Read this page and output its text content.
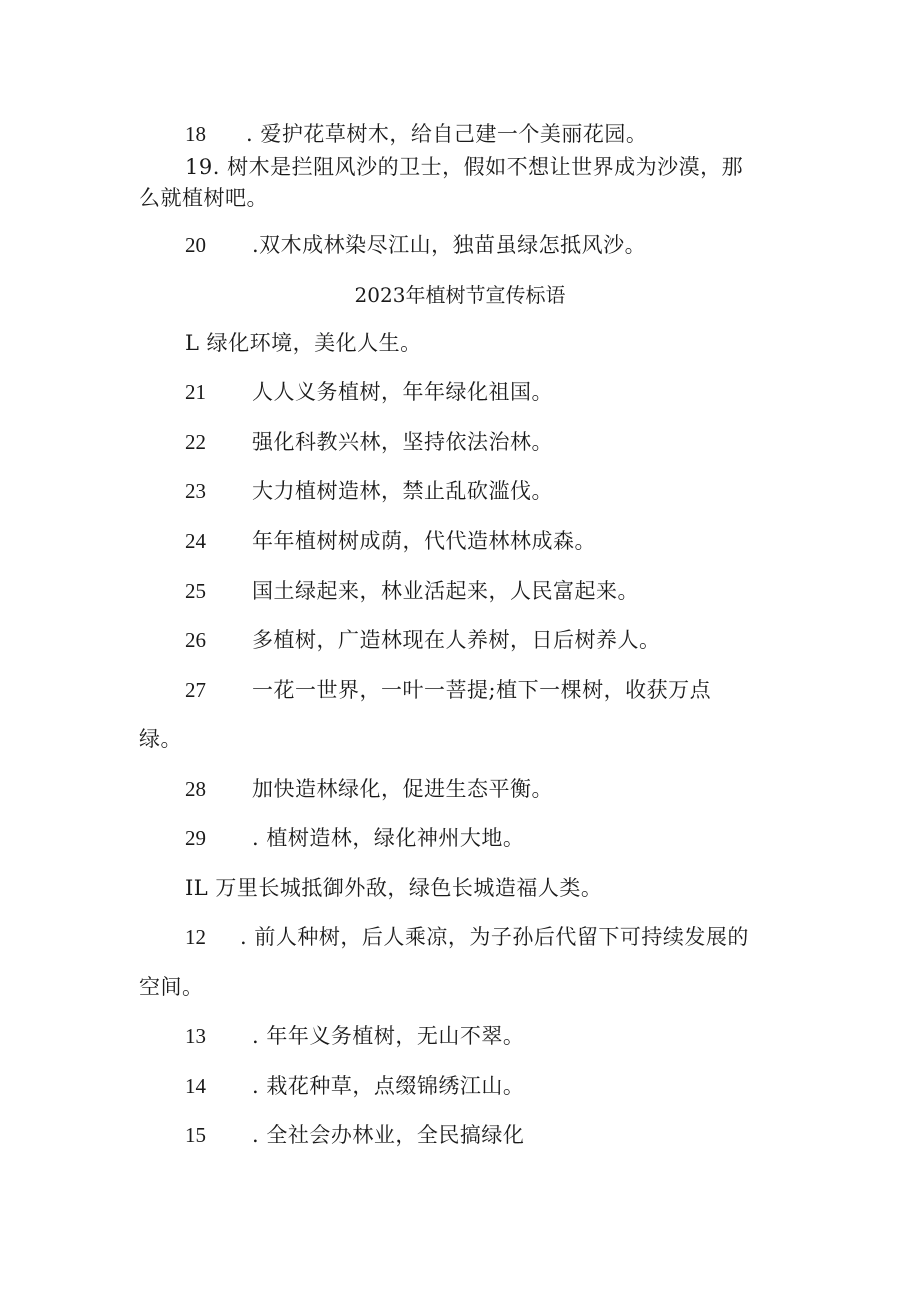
18 . 爱护花草树木，给自己建一个美丽花园。
19. 树木是拦阻风沙的卫士，假如不想让世界成为沙漠，那
么就植树吧。
20 .双木成林染尽江山，独苗虽绿怎抵风沙。
2023年植树节宣传标语
L 绿化环境，美化人生。
21 人人义务植树，年年绿化祖国。
22 强化科教兴林，坚持依法治林。
23 大力植树造林，禁止乱砍滥伐。
24 年年植树树成荫，代代造林林成森。
25 国土绿起来，林业活起来，人民富起来。
26 多植树，广造林现在人养树，日后树养人。
27 一花一世界，一叶一菩提;植下一棵树，收获万点
绿。
28 加快造林绿化，促进生态平衡。
29 . 植树造林，绿化神州大地。
IL 万里长城抵御外敌，绿色长城造福人类。
12 . 前人种树，后人乘凉，为子孙后代留下可持续发展的
空间。
13 . 年年义务植树，无山不翠。
14 . 栽花种草，点缀锦绣江山。
15 . 全社会办林业，全民搞绿化
